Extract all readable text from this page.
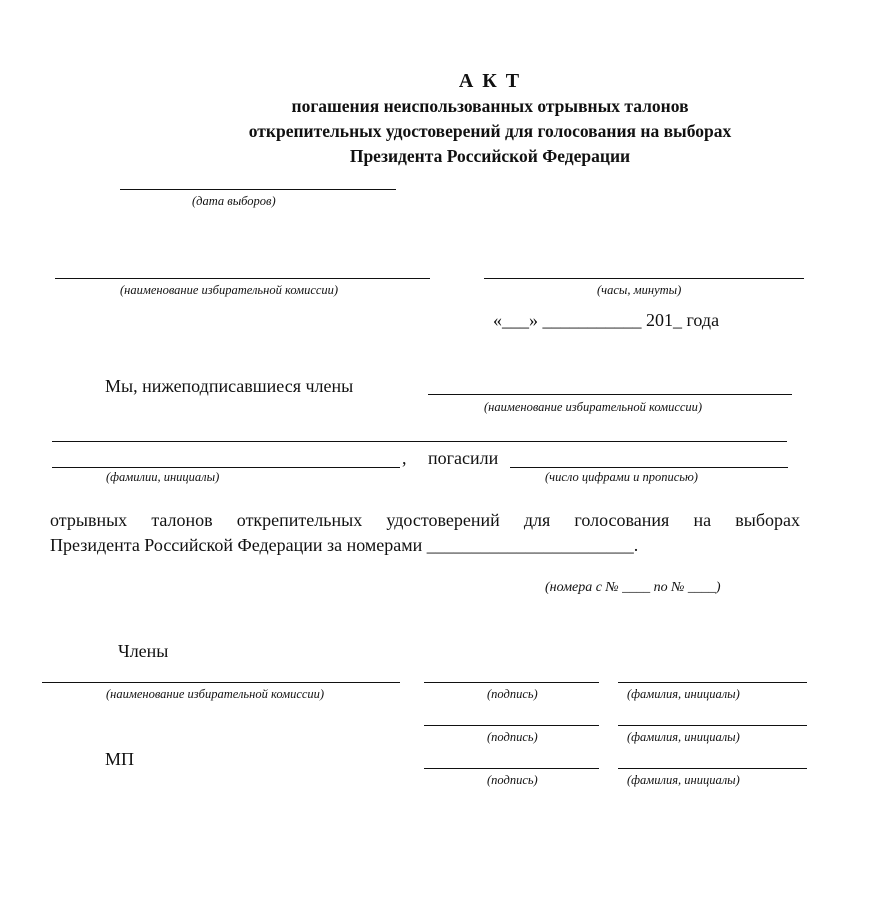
А К Т
погашения неиспользованных отрывных талонов
открепительных удостоверений для голосования на выборах
Президента Российской Федерации
(дата выборов)
(наименование избирательной комиссии)	(часы, минуты)
«___» ___________ 201_ года
Мы, нижеподписавшиеся члены
(наименование избирательной комиссии)
, погасили
(фамилии, инициалы)	(число цифрами и прописью)
отрывных талонов открепительных удостоверений для голосования на выборах
Президента Российской Федерации за номерами _______________________.
(номера с № ____ по № ____)
Члены
(наименование избирательной комиссии)	(подпись)	(фамилия, инициалы)
(подпись)	(фамилия, инициалы)
МП
(подпись)	(фамилия, инициалы)
